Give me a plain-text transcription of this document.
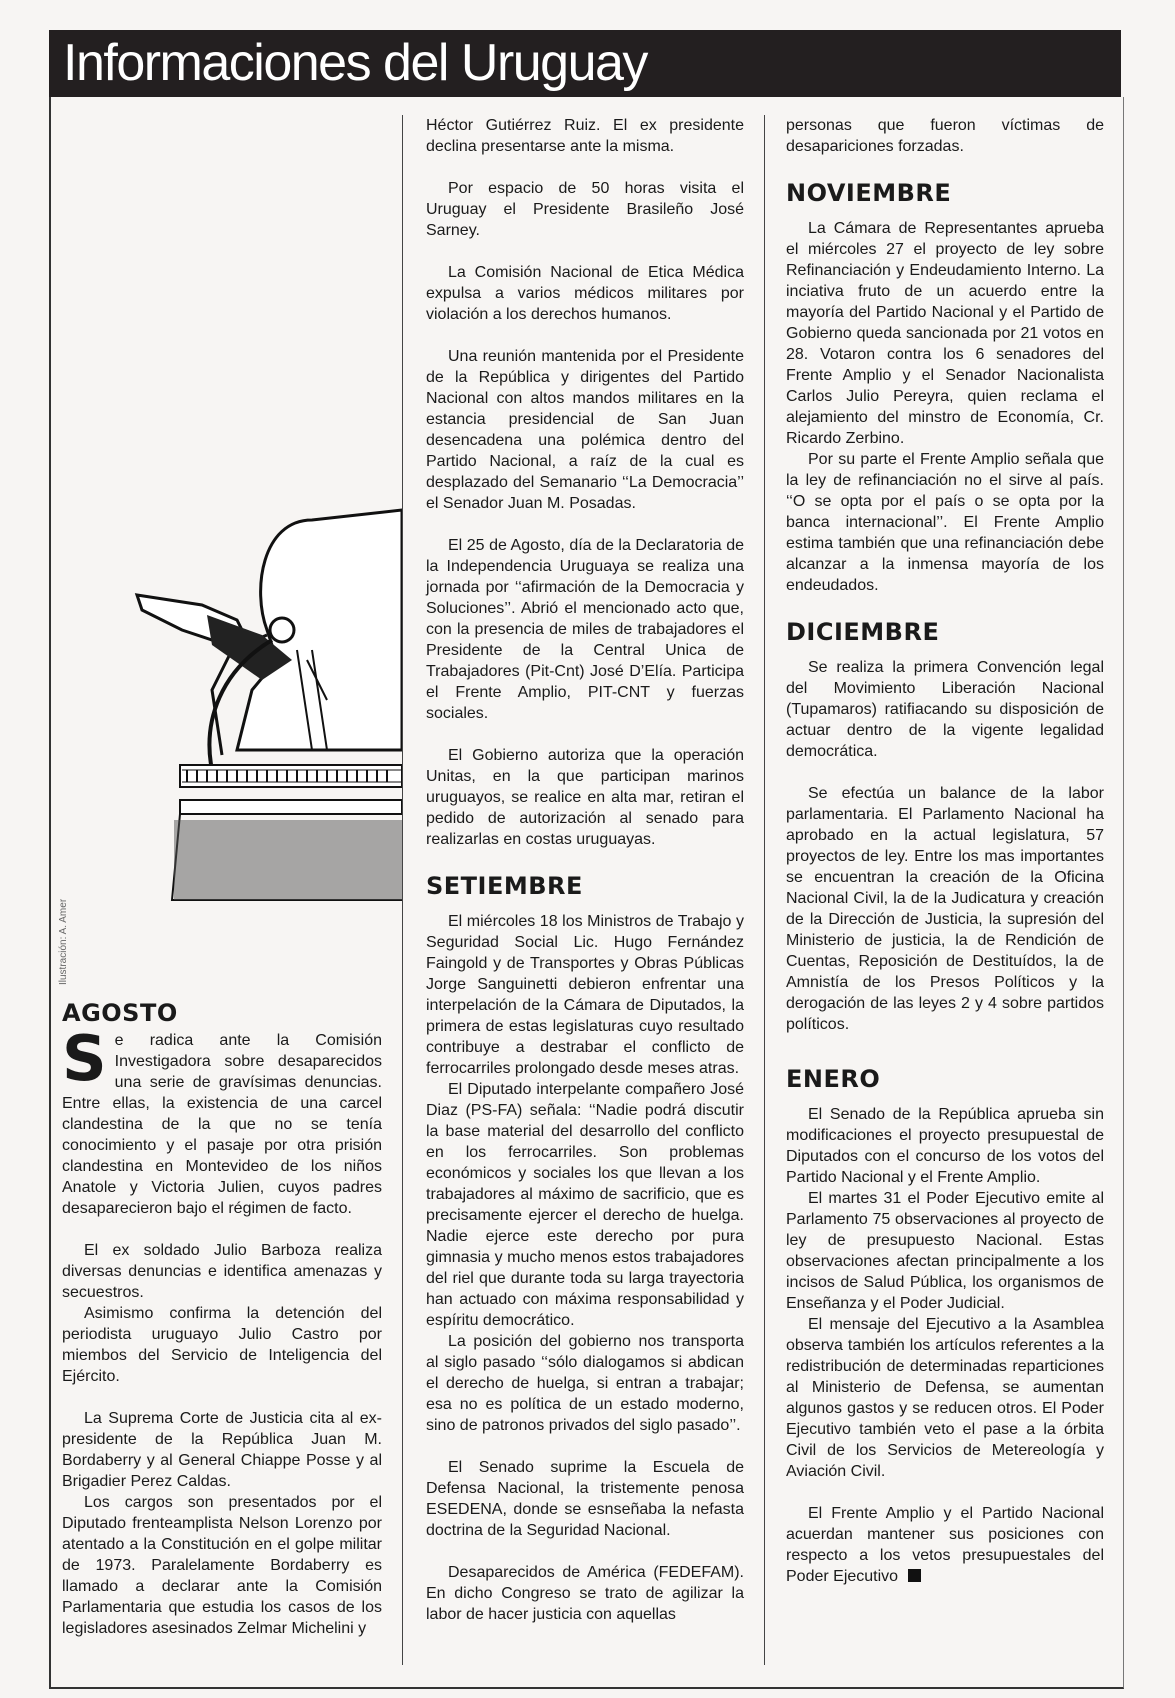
Informaciones del Uruguay
Ilustración: A. Amer
AGOSTO

Se radica ante la Comisión Investigadora sobre desaparecidos una serie de gravísimas denuncias. Entre ellas, la existencia de una carcel clandestina de la que no se tenía conocimiento y el pasaje por otra prisión clandestina en Montevideo de los niños Anatole y Victoria Julien, cuyos padres desaparecieron bajo el régimen de facto.

El ex soldado Julio Barboza realiza diversas denuncias e identifica amenazas y secuestros.

Asimismo confirma la detención del periodista uruguayo Julio Castro por miembos del Servicio de Inteligencia del Ejército.

La Suprema Corte de Justicia cita al ex-presidente de la República Juan M. Bordaberry y al General Chiappe Posse y al Brigadier Perez Caldas.

Los cargos son presentados por el Diputado frenteamplista Nelson Lorenzo por atentado a la Constitución en el golpe militar de 1973. Paralelamente Bordaberry es llamado a declarar ante la Comisión Parlamentaria que estudia los casos de los legisladores asesinados Zelmar Michelini y

Héctor Gutiérrez Ruiz. El ex presidente declina presentarse ante la misma.

Por espacio de 50 horas visita el Uruguay el Presidente Brasileño José Sarney.

La Comisión Nacional de Etica Médica expulsa a varios médicos militares por violación a los derechos humanos.

Una reunión mantenida por el Presidente de la República y dirigentes del Partido Nacional con altos mandos militares en la estancia presidencial de San Juan desencadena una polémica dentro del Partido Nacional, a raíz de la cual es desplazado del Semanario ‘‘La Democracia’’ el Senador Juan M. Posadas.

El 25 de Agosto, día de la Declaratoria de la Independencia Uruguaya se realiza una jornada por ‘‘afirmación de la Democracia y Soluciones’’. Abrió el mencionado acto que, con la presencia de miles de trabajadores el Presidente de la Central Unica de Trabajadores (Pit-Cnt) José D’Elía. Participa el Frente Amplio, PIT-CNT y fuerzas sociales.

El Gobierno autoriza que la operación Unitas, en la que participan marinos uruguayos, se realice en alta mar, retiran el pedido de autorización al senado para realizarlas en costas uruguayas.

SETIEMBRE

El miércoles 18 los Ministros de Trabajo y Seguridad Social Lic. Hugo Fernández Faingold y de Transportes y Obras Públicas Jorge Sanguinetti debieron enfrentar una interpelación de la Cámara de Diputados, la primera de estas legislaturas cuyo resultado contribuye a destrabar el conflicto de ferrocarriles prolongado desde meses atras.

El Diputado interpelante compañero José Diaz (PS-FA) señala: ‘‘Nadie podrá discutir la base material del desarrollo del conflicto en los ferrocarriles. Son problemas económicos y sociales los que llevan a los trabajadores al máximo de sacrificio, que es precisamente ejercer el derecho de huelga. Nadie ejerce este derecho por pura gimnasia y mucho menos estos trabajadores del riel que durante toda su larga trayectoria han actuado con máxima responsabilidad y espíritu democrático.

La posición del gobierno nos transporta al siglo pasado ‘‘sólo dialogamos si abdican el derecho de huelga, si entran a trabajar; esa no es política de un estado moderno, sino de patronos privados del siglo pasado’’.

El Senado suprime la Escuela de Defensa Nacional, la tristemente penosa ESEDENA, donde se esnseñaba la nefasta doctrina de la Seguridad Nacional.

Desaparecidos de América (FEDEFAM). En dicho Congreso se trato de agilizar la labor de hacer justicia con aquellas

personas que fueron víctimas de desapariciones forzadas.

NOVIEMBRE

La Cámara de Representantes aprueba el miércoles 27 el proyecto de ley sobre Refinanciación y Endeudamiento Interno. La inciativa fruto de un acuerdo entre la mayoría del Partido Nacional y el Partido de Gobierno queda sancionada por 21 votos en 28. Votaron contra los 6 senadores del Frente Amplio y el Senador Nacionalista Carlos Julio Pereyra, quien reclama el alejamiento del minstro de Economía, Cr. Ricardo Zerbino.

Por su parte el Frente Amplio señala que la ley de refinanciación no el sirve al país. ‘‘O se opta por el país o se opta por la banca internacional’’. El Frente Amplio estima también que una refinanciación debe alcanzar a la inmensa mayoría de los endeudados.

DICIEMBRE

Se realiza la primera Convención legal del Movimiento Liberación Nacional (Tupamaros) ratifiacando su disposición de actuar dentro de la vigente legalidad democrática.

Se efectúa un balance de la labor parlamentaria. El Parlamento Nacional ha aprobado en la actual legislatura, 57 proyectos de ley. Entre los mas importantes se encuentran la creación de la Oficina Nacional Civil, la de la Judicatura y creación de la Dirección de Justicia, la supresión del Ministerio de justicia, la de Rendición de Cuentas, Reposición de Destituídos, la de Amnistía de los Presos Políticos y la derogación de las leyes 2 y 4 sobre partidos políticos.

ENERO

El Senado de la República aprueba sin modificaciones el proyecto presupuestal de Diputados con el concurso de los votos del Partido Nacional y el Frente Amplio.

El martes 31 el Poder Ejecutivo emite al Parlamento 75 observaciones al proyecto de ley de presupuesto Nacional. Estas observaciones afectan principalmente a los incisos de Salud Pública, los organismos de Enseñanza y el Poder Judicial.

El mensaje del Ejecutivo a la Asamblea observa también los artículos referentes a la redistribución de determinadas reparticiones al Ministerio de Defensa, se aumentan algunos gastos y se reducen otros. El Poder Ejecutivo también veto el pase a la órbita Civil de los Servicios de Metereología y Aviación Civil.

El Frente Amplio y el Partido Nacional acuerdan mantener sus posiciones con respecto a los vetos presupuestales del Poder Ejecutivo
